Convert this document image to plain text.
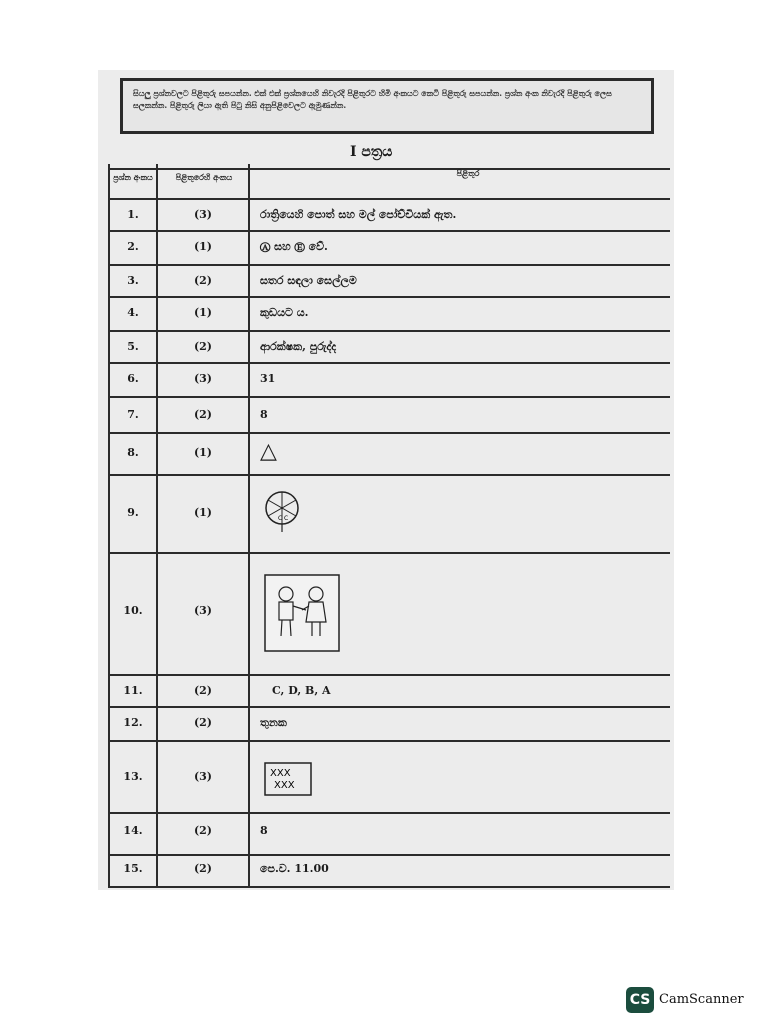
සියලු ප්‍රශ්නවලට පිළිතුරු සපයන්න. එක් එක් ප්‍රශ්නයෙහි නිවැරදි පිළිතුරට හිමි අංකයට කෙටි පිළිතුරු සපයන්න. ප්‍රශ්න අංක නිවැරදි පිළිතුරු ලෙස සලකන්න. පිළිතුරු ලියා ඇති පිටු නිසි අනුපිළිවෙලට ඇමුණන්න.
I පත්‍රය
ප්‍රශ්න අංකය	පිළිතුරෙහි අංකය	පිළිතුර
1.	(3)	රාත්‍රියෙහි පොත් සහ මල් පෝච්චියක් ඇත.
2.	(1)	Ⓐ සහ Ⓔ වේ.
3.	(2)	සතර සඳලා සෙල්ලම
4.	(1)	කුඩයට ය.
5.	(2)	ආරක්ෂක, පුරුද්ද
6.	(3)	31
7.	(2)	8
8.	(1)	△
9.	(1)	C C
10.	(3)
11.	(2)	C, D, B, A
12.	(2)	තුනක
13.	(3)	XXX
XXX
14.	(2)	8
15.	(2)	පෙ.ව. 11.00
CS CamScanner
